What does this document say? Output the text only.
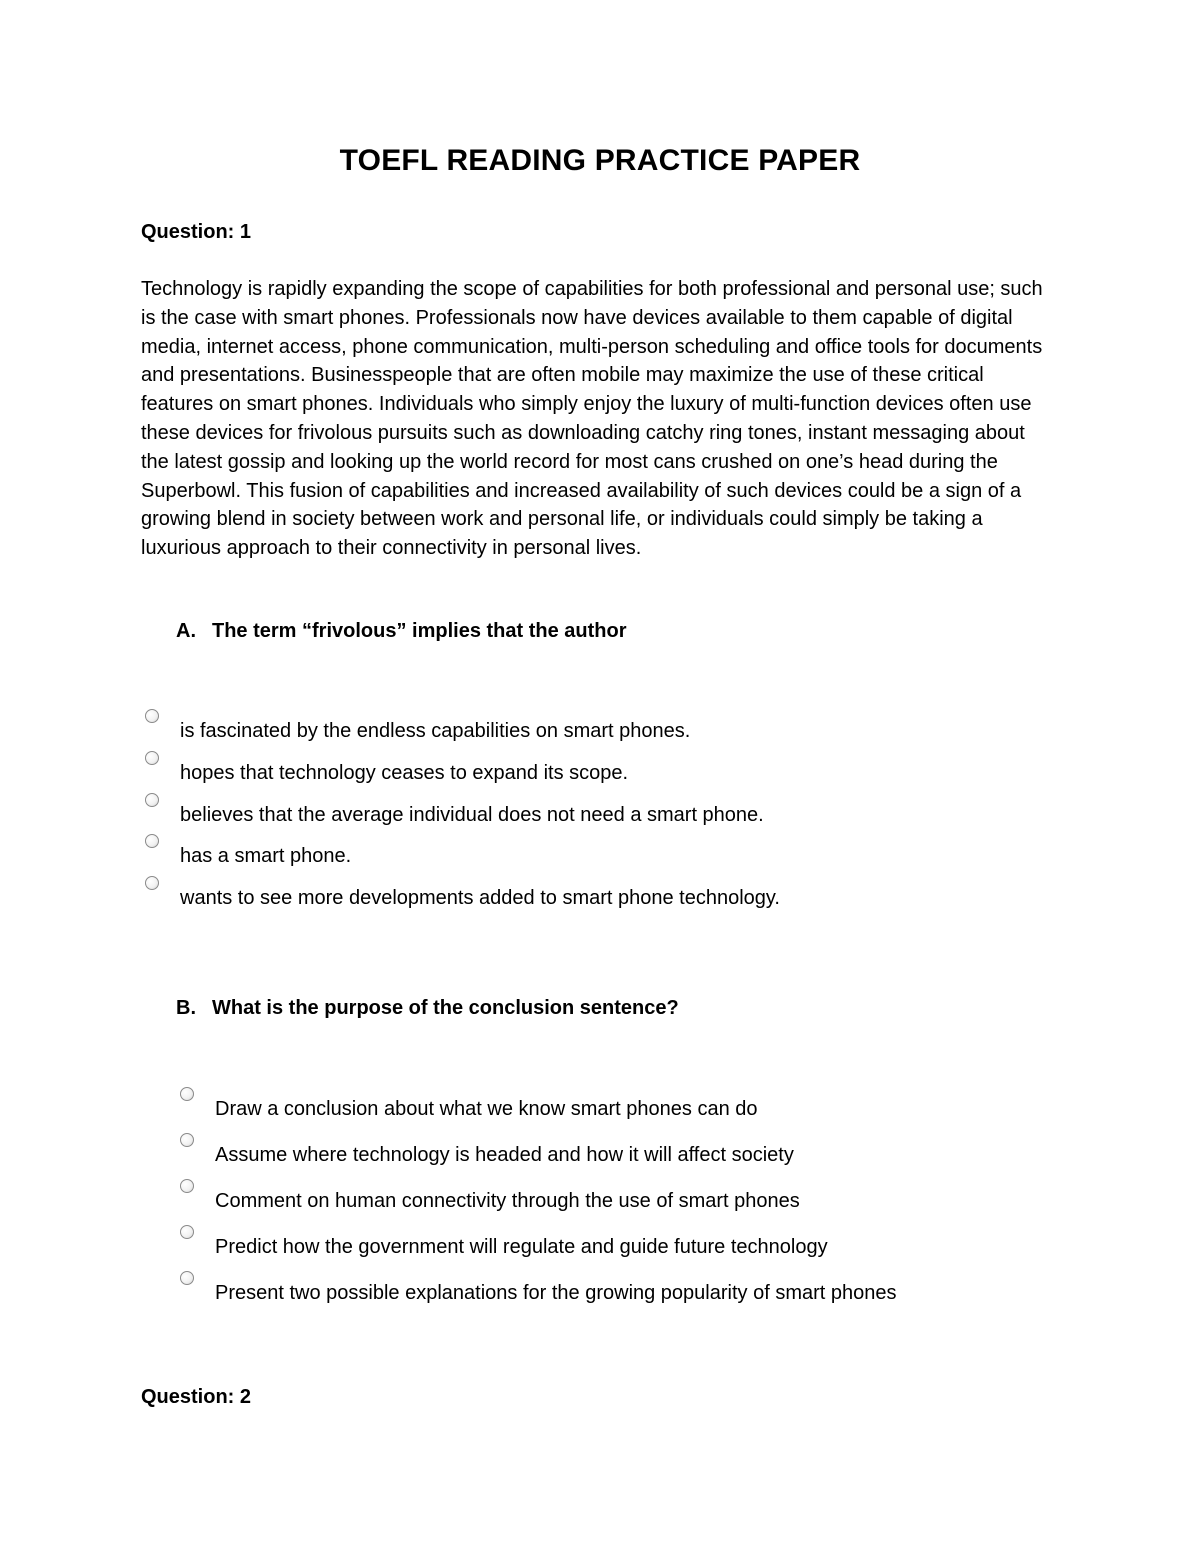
TOEFL READING PRACTICE PAPER
Question: 1
Technology is rapidly expanding the scope of capabilities for both professional and personal use; such is the case with smart phones. Professionals now have devices available to them capable of digital media, internet access, phone communication, multi-person scheduling and office tools for documents and presentations. Businesspeople that are often mobile may maximize the use of these critical features on smart phones. Individuals who simply enjoy the luxury of multi-function devices often use these devices for frivolous pursuits such as downloading catchy ring tones, instant messaging about the latest gossip and looking up the world record for most cans crushed on one’s head during the Superbowl. This fusion of capabilities and increased availability of such devices could be a sign of a growing blend in society between work and personal life, or individuals could simply be taking a luxurious approach to their connectivity in personal lives.
A. The term “frivolous” implies that the author
is fascinated by the endless capabilities on smart phones.
hopes that technology ceases to expand its scope.
believes that the average individual does not need a smart phone.
has a smart phone.
wants to see more developments added to smart phone technology.
B. What is the purpose of the conclusion sentence?
Draw a conclusion about what we know smart phones can do
Assume where technology is headed and how it will affect society
Comment on human connectivity through the use of smart phones
Predict how the government will regulate and guide future technology
Present two possible explanations for the growing popularity of smart phones
Question: 2
